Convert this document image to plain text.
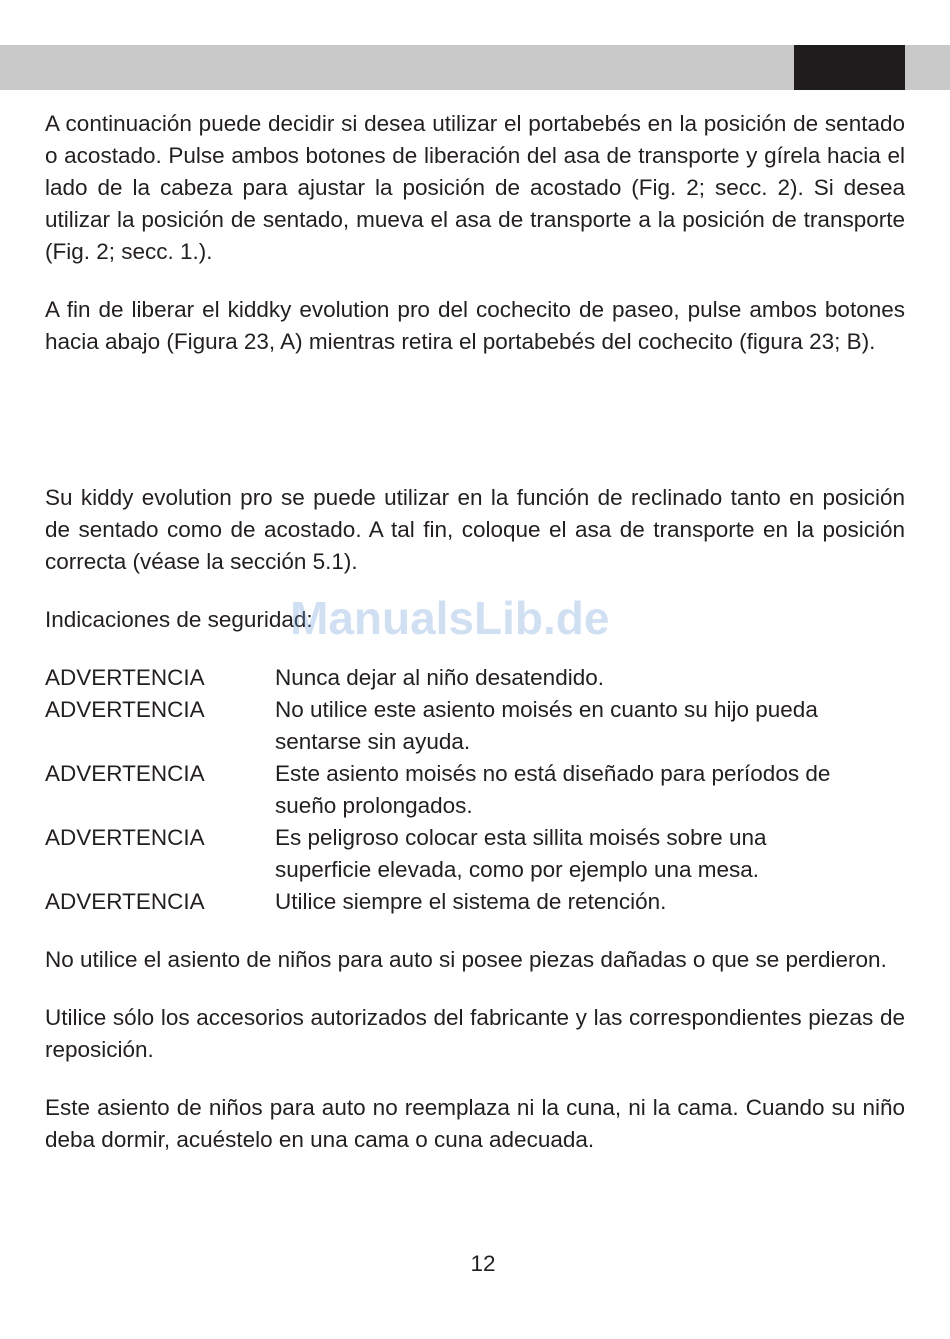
A continuación puede decidir si desea utilizar el portabebés en la posición de sentado o acostado. Pulse ambos botones de liberación del asa de transporte y gírela hacia el lado de la cabeza para ajustar la posición de acostado (Fig. 2; secc. 2). Si desea utilizar la posición de sentado, mueva el asa de transporte a la posición de transporte (Fig. 2; secc. 1.).

A fin de liberar el kiddky evolution pro del cochecito de paseo, pulse ambos botones hacia abajo (Figura 23, A) mientras retira el portabebés del cochecito (figura 23; B).

Su kiddy evolution pro se puede utilizar en la función de reclinado tanto en posición de sentado como de acostado. A tal fin, coloque el asa de transporte en la posición correcta (véase la sección 5.1).

Indicaciones de seguridad:

ADVERTENCIA	Nunca dejar al niño desatendido.
ADVERTENCIA	No utilice este asiento moisés en cuanto su hijo pueda
sentarse sin ayuda.
ADVERTENCIA	Este asiento moisés no está diseñado para períodos de
sueño prolongados.
ADVERTENCIA	Es peligroso colocar esta sillita moisés sobre una
superficie elevada, como por ejemplo una mesa.
ADVERTENCIA	Utilice siempre el sistema de retención.

No utilice el asiento de niños para auto si posee piezas dañadas o que se perdieron.

Utilice sólo los accesorios autorizados del fabricante y las correspondientes piezas de reposición.

Este asiento de niños para auto no reemplaza ni la cuna, ni la cama. Cuando su niño deba dormir, acuéstelo en una cama o cuna adecuada.

ManualsLib.de
12
